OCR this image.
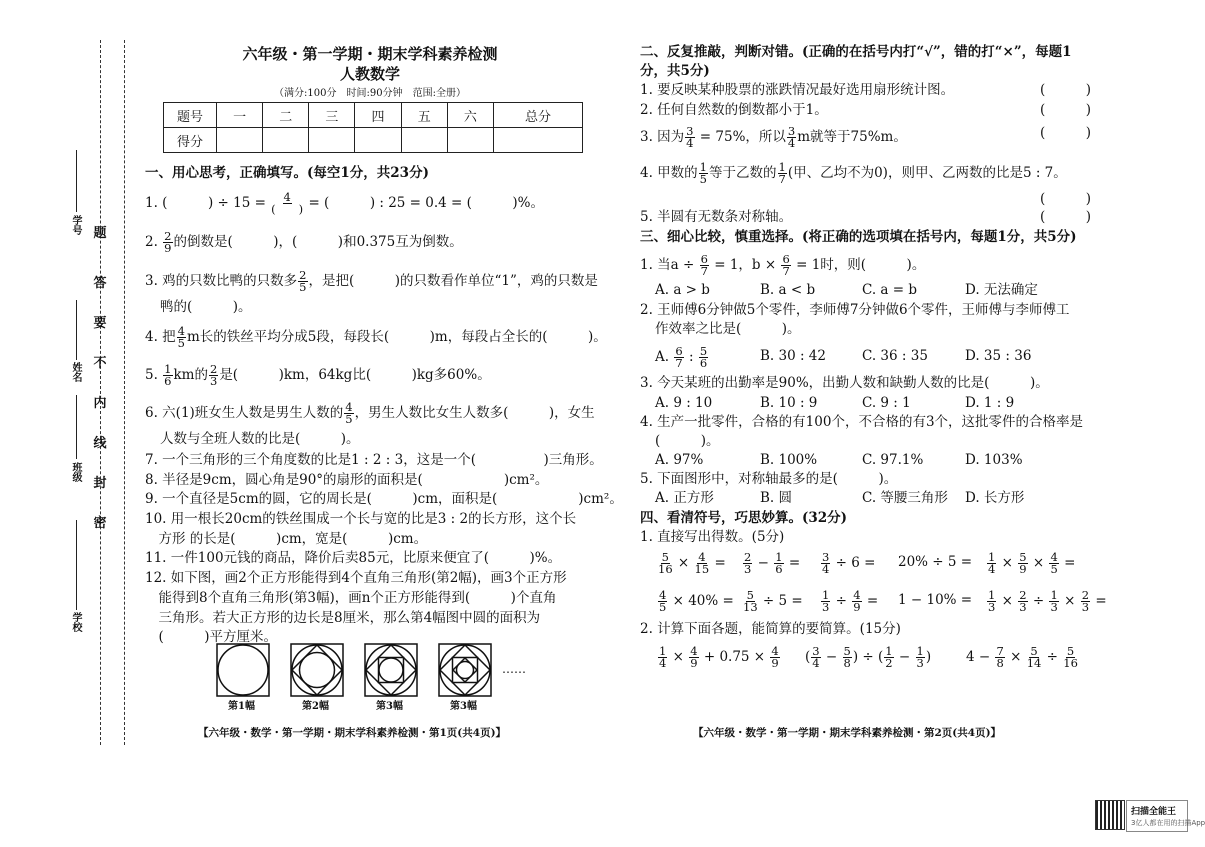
学号
姓名
班级
学校
题
答
要
不
内
线
封
密
六年级・第一学期・期末学科素养检测
人教数学
（满分:100分　时间:90分钟　范围:全册）
题号	一	二	三	四	五	六	总分
得分							
一、用心思考，正确填写。(每空1分，共23分)
1. (　　　) ÷ $15 = \frac{4}{( )}$ = (　　　) : 25 = 0.4 = (　　　)%。
2. $\frac{2}{9}$ 的倒数是(　　　)，(　　　)和0.375互为倒数。
3. 鸡的只数比鸭的只数多 $\frac{2}{5}$ ，是把(　　　)的只数看作单位“1”，鸡的只数是
鸭的(　　　)。
4. 把 $\frac{4}{5}$ m长的铁丝平均分成5段，每段长(　　　)m，每段占全长的(　　　)。
5. $\frac{1}{6}$ km的 $\frac{2}{3}$ 是(　　　)km，64kg比(　　　)kg多60%。
6. 六(1)班女生人数是男生人数的 $\frac{4}{5}$ ，男生人数比女生人数多(　　　)，女生
人数与全班人数的比是(　　　)。
7. 一个三角形的三个角度数的比是1 : 2 : 3，这是一个(　　　　　)三角形。
8. 半径是9cm，圆心角是90°的扇形的面积是(　　　　　　)cm²。
9. 一个直径是5cm的圆，它的周长是(　　　)cm，面积是(　　　　　　)cm²。
10. 用一根长20cm的铁丝围成一个长与宽的比是3 : 2的长方形，这个长
　方形 的长是(　　　)cm，宽是(　　　)cm。
11. 一件100元钱的商品，降价后卖85元，比原来便宜了(　　　)%。
12. 如下图，画2个正方形能得到4个直角三角形(第2幅)，画3个正方形
　能得到8个直角三角形(第3幅)，画n个正方形能得到(　　　)个直角
　三角形。若大正方形的边长是8厘米，那么第4幅图中圆的面积为
　(　　　)平方厘米。
……
第1幅	第2幅	第3幅	第3幅
【六年级・数学・第一学期・期末学科素养检测・第1页(共4页)】
二、反复推敲，判断对错。(正确的在括号内打“√”，错的打“×”，每题1
分，共5分)
1. 要反映某种股票的涨跌情况最好选用扇形统计图。	(　　　)
2. 任何自然数的倒数都小于1。	(　　　)
3. 因为 $\frac{3}{4} = 75\%$，所以 $\frac{3}{4}$ m就等于75%m。	(　　　)
4. 甲数的 $\frac{1}{5}$ 等于乙数的 $\frac{1}{7}$ (甲、乙均不为0)，则甲、乙两数的比是5 : 7。
(　　　)
5. 半圆有无数条对称轴。	(　　　)
三、细心比较，慎重选择。(将正确的选项填在括号内，每题1分，共5分)
1. 当$a \div \frac{6}{7} = 1$，$b \times \frac{6}{7} = 1$时，则(　　　)。
A. a > b	B. a < b	C. a = b	D. 无法确定
2. 王师傅6分钟做5个零件，李师傅7分钟做6个零件，王师傅与李师傅工
作效率之比是(　　　)。
A. $\frac{6}{7}$ : $\frac{5}{6}$	B. 30 : 42	C. 36 : 35	D. 35 : 36
3. 今天某班的出勤率是90%，出勤人数和缺勤人数的比是(　　　)。
A. 9 : 10	B. 10 : 9	C. 9 : 1	D. 1 : 9
4. 生产一批零件，合格的有100个，不合格的有3个，这批零件的合格率是
(　　　)。
A. 97%	B. 100%	C. 97.1%	D. 103%
5. 下面图形中，对称轴最多的是(　　　)。
A. 正方形	B. 圆	C. 等腰三角形 D. 长方形
四、看清符号，巧思妙算。(32分)
1. 直接写出得数。(5分)
$\frac{5}{16} \times \frac{4}{15} = \frac{2}{3} - \frac{1}{6} = \frac{3}{4} \div 6 = 20\% \div 5 = \frac{1}{4} \times \frac{5}{9} \times \frac{4}{5}$ =
$\frac{4}{5} \times 40\% = \frac{5}{13} \div 5 = \frac{1}{3} \div \frac{4}{9} = 1 - 10\% = \frac{1}{3} \times \frac{2}{3} \div \frac{1}{3} \times \frac{2}{3}$ =
2. 计算下面各题，能简算的要简算。(15分)
$\frac{1}{4} \times \frac{4}{9} + 0.75 \times \frac{4}{9}$ ( $\frac{3}{4} - \frac{5}{8}$ ) ÷ ( $\frac{1}{2} - \frac{1}{3}$ )	$4 - \frac{7}{8} \times \frac{5}{14} \div \frac{5}{16}$
【六年级・数学・第一学期・期末学科素养检测・第2页(共4页)】
扫描全能王
3亿人都在用的扫描App
